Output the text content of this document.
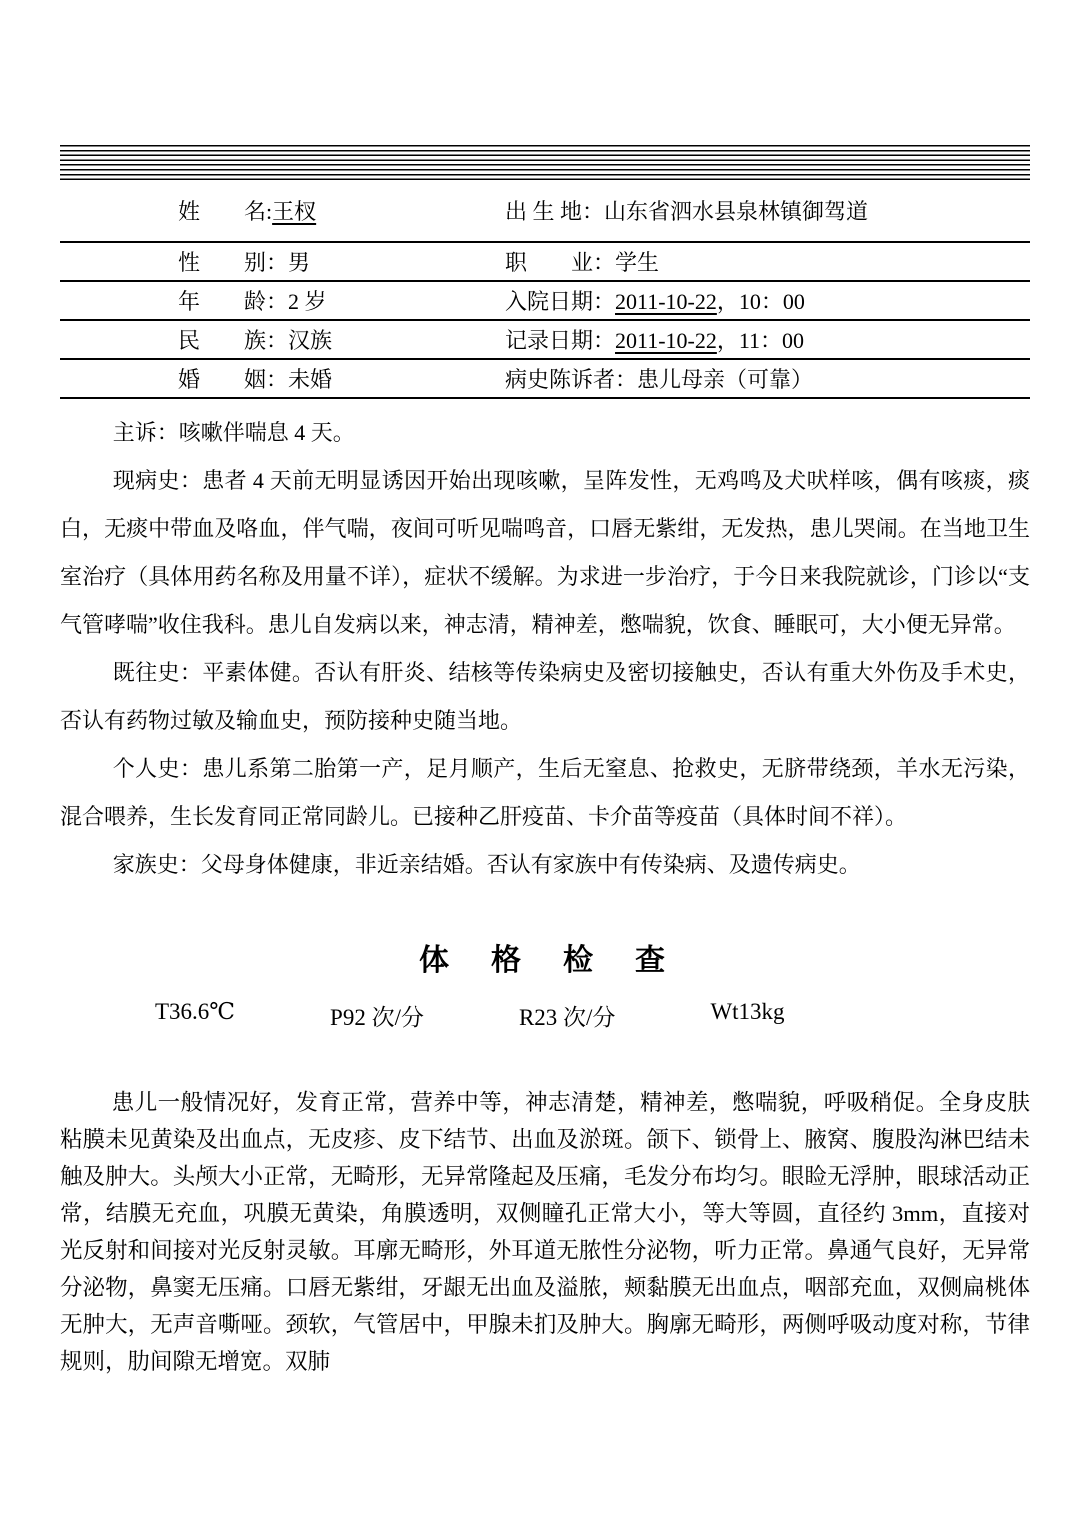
姓　　名:王杈	出 生 地：山东省泗水县泉林镇御驾道
性　　别：男	职　　业：学生
年　　龄：2 岁	入院日期：2011-10-22，10：00
民　　族：汉族	记录日期：2011-10-22，11：00
婚　　姻：未婚	病史陈诉者：患儿母亲（可靠）

主诉：咳嗽伴喘息 4 天。

现病史：患者 4 天前无明显诱因开始出现咳嗽，呈阵发性，无鸡鸣及犬吠样咳，偶有咳痰，痰白，无痰中带血及咯血，伴气喘，夜间可听见喘鸣音，口唇无紫绀，无发热，患儿哭闹。在当地卫生室治疗（具体用药名称及用量不详），症状不缓解。为求进一步治疗，于今日来我院就诊，门诊以“支气管哮喘”收住我科。患儿自发病以来，神志清，精神差，憋喘貌，饮食、睡眠可，大小便无异常。

既往史：平素体健。否认有肝炎、结核等传染病史及密切接触史，否认有重大外伤及手术史，否认有药物过敏及输血史，预防接种史随当地。

个人史：患儿系第二胎第一产，足月顺产，生后无窒息、抢救史，无脐带绕颈，羊水无污染，混合喂养，生长发育同正常同龄儿。已接种乙肝疫苗、卡介苗等疫苗（具体时间不祥）。

家族史：父母身体健康，非近亲结婚。否认有家族中有传染病、及遗传病史。

体　格　检　查
T36.6℃	P92 次/分	R23 次/分	Wt13kg

患儿一般情况好，发育正常，营养中等，神志清楚，精神差，憋喘貌，呼吸稍促。全身皮肤粘膜未见黄染及出血点，无皮疹、皮下结节、出血及淤斑。颌下、锁骨上、腋窝、腹股沟淋巴结未触及肿大。头颅大小正常，无畸形，无异常隆起及压痛，毛发分布均匀。眼睑无浮肿，眼球活动正常，结膜无充血，巩膜无黄染，角膜透明，双侧瞳孔正常大小，等大等圆，直径约 3mm，直接对光反射和间接对光反射灵敏。耳廓无畸形，外耳道无脓性分泌物，听力正常。鼻通气良好，无异常分泌物，鼻窦无压痛。口唇无紫绀，牙龈无出血及溢脓，颊黏膜无出血点，咽部充血，双侧扁桃体无肿大，无声音嘶哑。颈软，气管居中，甲腺未扪及肿大。胸廓无畸形，两侧呼吸动度对称，节律规则，肋间隙无增宽。双肺
